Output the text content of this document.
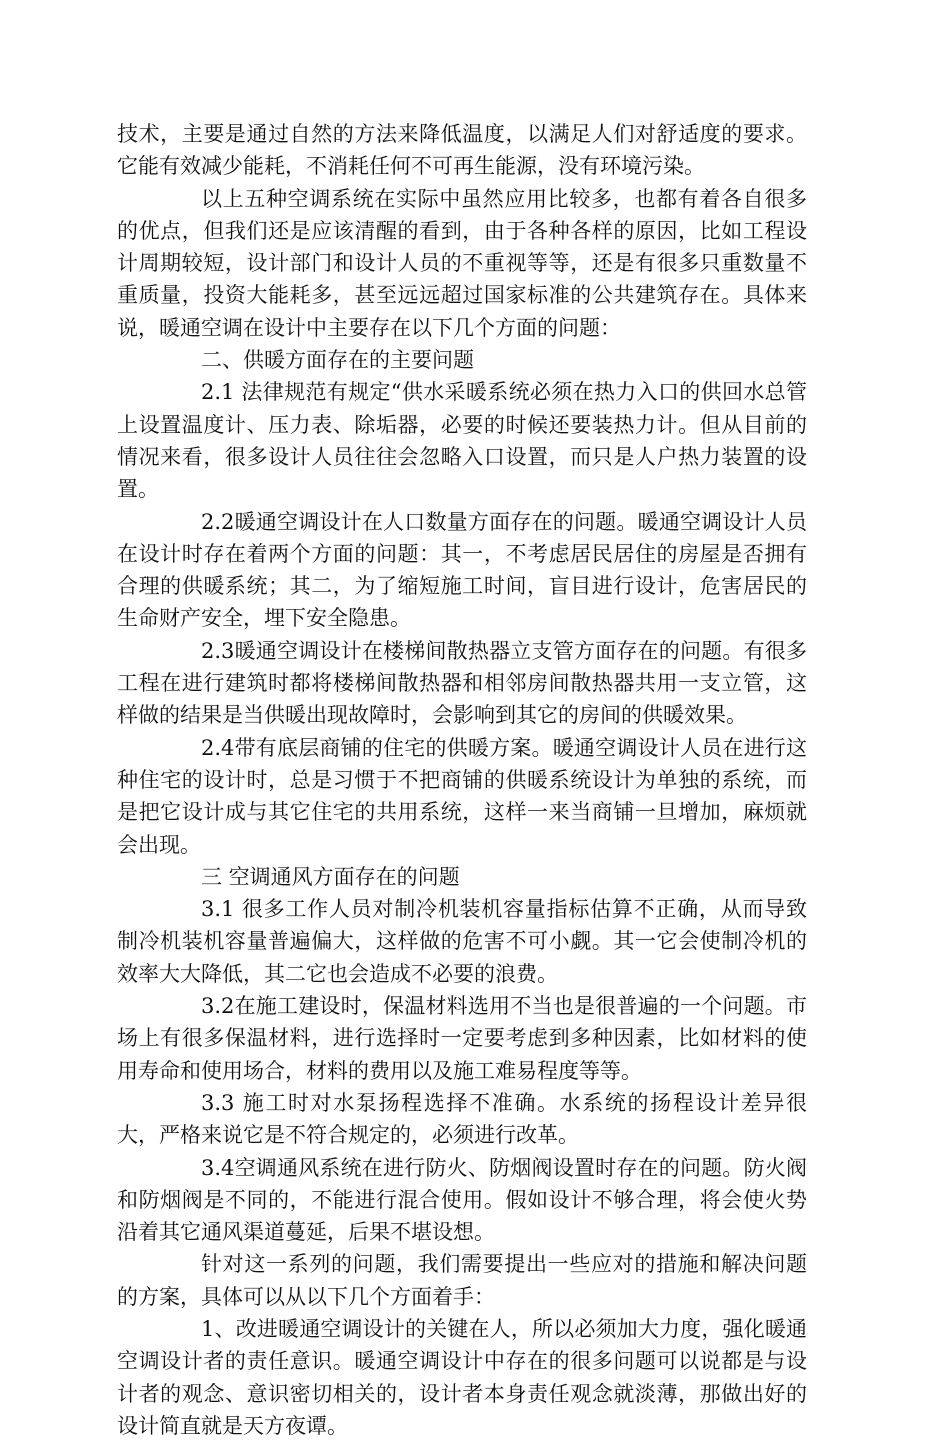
技术，主要是通过自然的方法来降低温度，以满足人们对舒适度的要求。它能有效减少能耗，不消耗任何不可再生能源，没有环境污染。

以上五种空调系统在实际中虽然应用比较多，也都有着各自很多的优点，但我们还是应该清醒的看到，由于各种各样的原因，比如工程设计周期较短，设计部门和设计人员的不重视等等，还是有很多只重数量不重质量，投资大能耗多，甚至远远超过国家标准的公共建筑存在。具体来说，暖通空调在设计中主要存在以下几个方面的问题：

二、供暖方面存在的主要问题

2.1 法律规范有规定“供水采暖系统必须在热力入口的供回水总管上设置温度计、压力表、除垢器，必要的时候还要装热力计。但从目前的情况来看，很多设计人员往往会忽略入口设置，而只是人户热力装置的设置。

2.2暖通空调设计在人口数量方面存在的问题。暖通空调设计人员在设计时存在着两个方面的问题：其一，不考虑居民居住的房屋是否拥有合理的供暖系统；其二，为了缩短施工时间，盲目进行设计，危害居民的生命财产安全，埋下安全隐患。

2.3暖通空调设计在楼梯间散热器立支管方面存在的问题。有很多工程在进行建筑时都将楼梯间散热器和相邻房间散热器共用一支立管，这样做的结果是当供暖出现故障时，会影响到其它的房间的供暖效果。

2.4带有底层商铺的住宅的供暖方案。暖通空调设计人员在进行这种住宅的设计时，总是习惯于不把商铺的供暖系统设计为单独的系统，而是把它设计成与其它住宅的共用系统，这样一来当商铺一旦增加，麻烦就会出现。

三 空调通风方面存在的问题

3.1 很多工作人员对制冷机装机容量指标估算不正确，从而导致制冷机装机容量普遍偏大，这样做的危害不可小觑。其一它会使制冷机的效率大大降低，其二它也会造成不必要的浪费。

3.2在施工建设时，保温材料选用不当也是很普遍的一个问题。市场上有很多保温材料，进行选择时一定要考虑到多种因素，比如材料的使用寿命和使用场合，材料的费用以及施工难易程度等等。

3.3 施工时对水泵扬程选择不准确。水系统的扬程设计差异很大，严格来说它是不符合规定的，必须进行改革。

3.4空调通风系统在进行防火、防烟阀设置时存在的问题。防火阀和防烟阀是不同的，不能进行混合使用。假如设计不够合理，将会使火势沿着其它通风渠道蔓延，后果不堪设想。

针对这一系列的问题，我们需要提出一些应对的措施和解决问题的方案，具体可以从以下几个方面着手：

1、改进暖通空调设计的关键在人，所以必须加大力度，强化暖通空调设计者的责任意识。暖通空调设计中存在的很多问题可以说都是与设计者的观念、意识密切相关的，设计者本身责任观念就淡薄，那做出好的设计简直就是天方夜谭。
